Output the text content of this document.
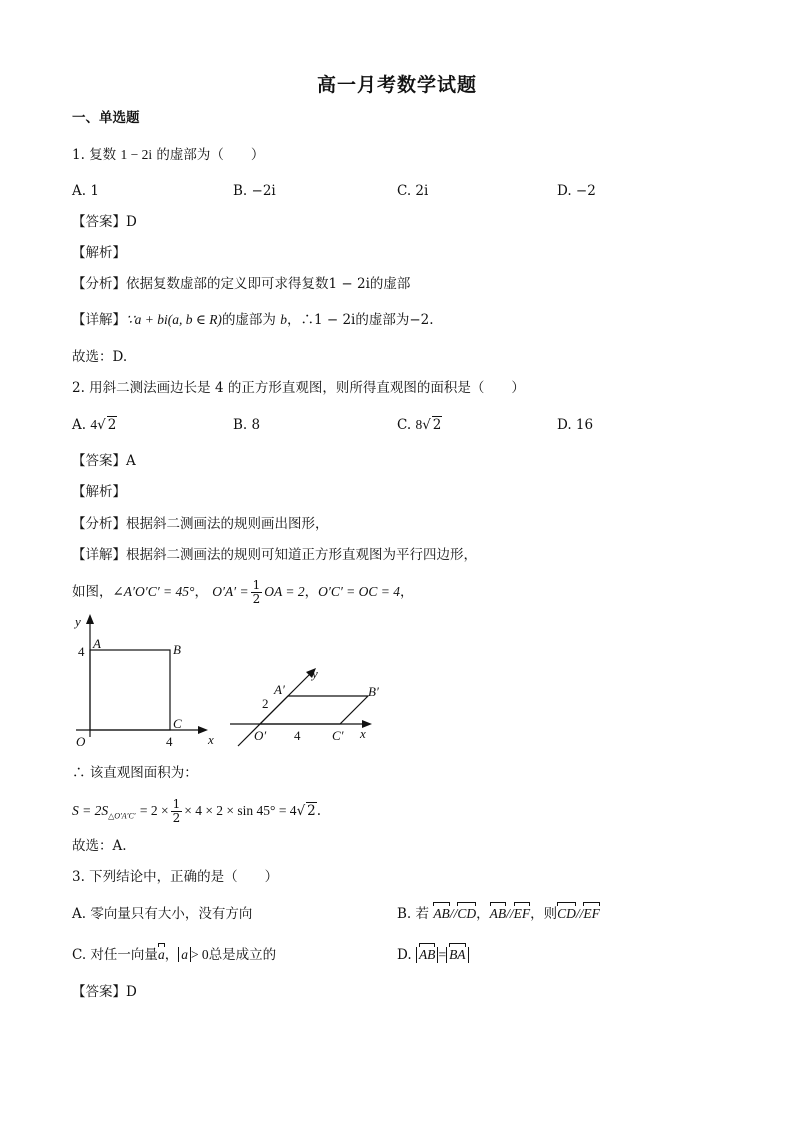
高一月考数学试题
一、单选题
1. 复数 1 − 2i 的虚部为（　　）
A. 1	B. −2i	C. 2i	D. −2
【答案】D
【解析】
【分析】依据复数虚部的定义即可求得复数1 − 2i的虚部
【详解】∵a + bi(a, b ∈ R)的虚部为 b，∴1 − 2i的虚部为−2.
故选：D.
2. 用斜二测法画边长是 4 的正方形直观图，则所得直观图的面积是（　　）
A. 4√ 2	B. 8	C. 8√ 2	D. 16
【答案】A
【解析】
【分析】根据斜二测画法的规则画出图形，
【详解】根据斜二测画法的规则可知道正方形直观图为平行四边形，
如图，∠A′O′C′ = 45°， $O'A' = \frac{1}{2}$ OA = 2，O′C′ = OC = 4，
y
x
A	B
C
O
4
4
y
x
A′	B′
C′
O′
2
4
∴ 该直观图面积为：
$S = 2S_{\triangle O'A'C'} = 2 \times \frac{1}{2} \times 4 \times 2 \times \sin 45^\circ = 4√$ 2.
故选：A.
3. 下列结论中，正确的是（　　）
A. 零向量只有大小，没有方向	B. 若 AB//CD，AB//EF，则CD//EF
C. 对任一向量a， a > 0总是成立的	D. AB = BA
【答案】D
